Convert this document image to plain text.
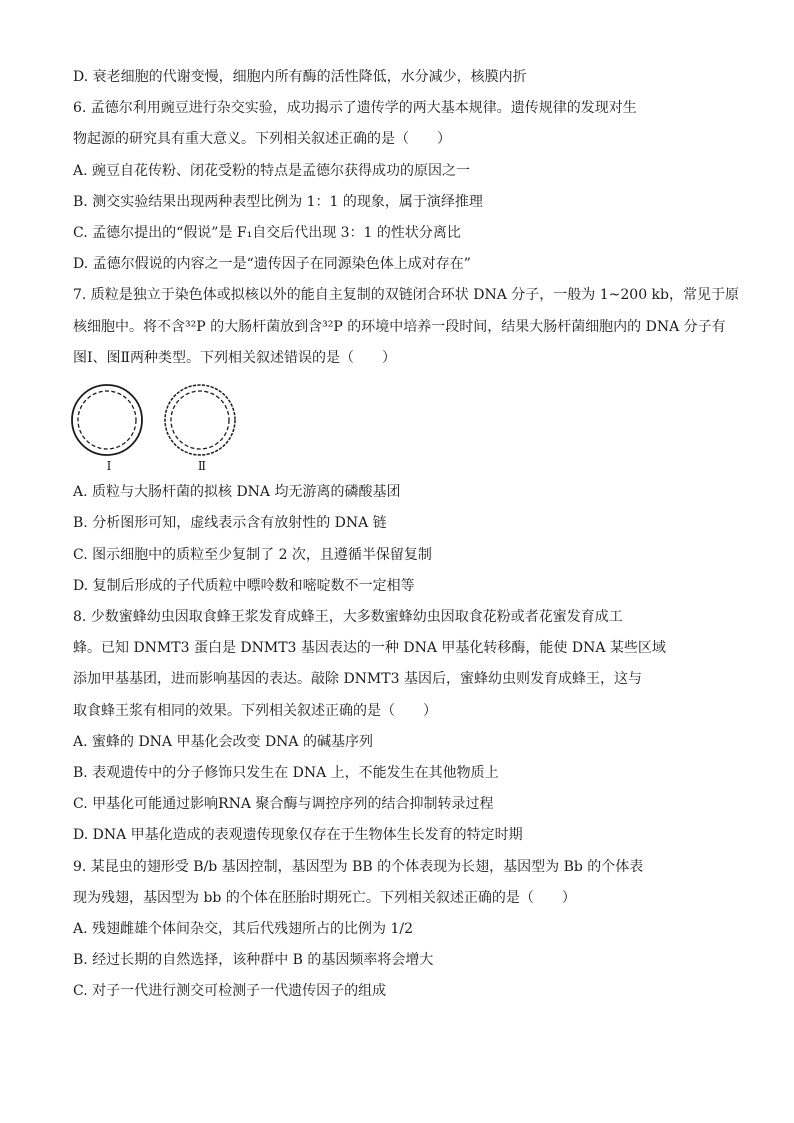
D. 衰老细胞的代谢变慢，细胞内所有酶的活性降低，水分减少，核膜内折
6. 孟德尔利用豌豆进行杂交实验，成功揭示了遗传学的两大基本规律。遗传规律的发现对生
物起源的研究具有重大意义。下列相关叙述正确的是（　　）
A. 豌豆自花传粉、闭花受粉的特点是孟德尔获得成功的原因之一
B. 测交实验结果出现两种表型比例为 1：1 的现象，属于演绎推理
C. 孟德尔提出的“假说”是 F₁自交后代出现 3：1 的性状分离比
D. 孟德尔假说的内容之一是“遗传因子在同源染色体上成对存在”
7. 质粒是独立于染色体或拟核以外的能自主复制的双链闭合环状 DNA 分子，一般为 1~200 kb，常见于原
核细胞中。将不含³²P 的大肠杆菌放到含³²P 的环境中培养一段时间，结果大肠杆菌细胞内的 DNA 分子有
图Ⅰ、图Ⅱ两种类型。下列相关叙述错误的是（　　）
Ⅰ	Ⅱ
A. 质粒与大肠杆菌的拟核 DNA 均无游离的磷酸基团
B. 分析图形可知，虚线表示含有放射性的 DNA 链
C. 图示细胞中的质粒至少复制了 2 次，且遵循半保留复制
D. 复制后形成的子代质粒中嘌呤数和嘧啶数不一定相等
8. 少数蜜蜂幼虫因取食蜂王浆发育成蜂王，大多数蜜蜂幼虫因取食花粉或者花蜜发育成工
蜂。已知 DNMT3 蛋白是 DNMT3 基因表达的一种 DNA 甲基化转移酶，能使 DNA 某些区域
添加甲基基团，进而影响基因的表达。敲除 DNMT3 基因后，蜜蜂幼虫则发育成蜂王，这与
取食蜂王浆有相同的效果。下列相关叙述正确的是（　　）
A. 蜜蜂的 DNA 甲基化会改变 DNA 的碱基序列
B. 表观遗传中的分子修饰只发生在 DNA 上，不能发生在其他物质上
C. 甲基化可能通过影响RNA 聚合酶与调控序列的结合抑制转录过程
D. DNA 甲基化造成的表观遗传现象仅存在于生物体生长发育的特定时期
9. 某昆虫的翅形受 B/b 基因控制，基因型为 BB 的个体表现为长翅，基因型为 Bb 的个体表
现为残翅，基因型为 bb 的个体在胚胎时期死亡。下列相关叙述正确的是（　　）
A. 残翅雌雄个体间杂交，其后代残翅所占的比例为 1/2
B. 经过长期的自然选择，该种群中 B 的基因频率将会增大
C. 对子一代进行测交可检测子一代遗传因子的组成
